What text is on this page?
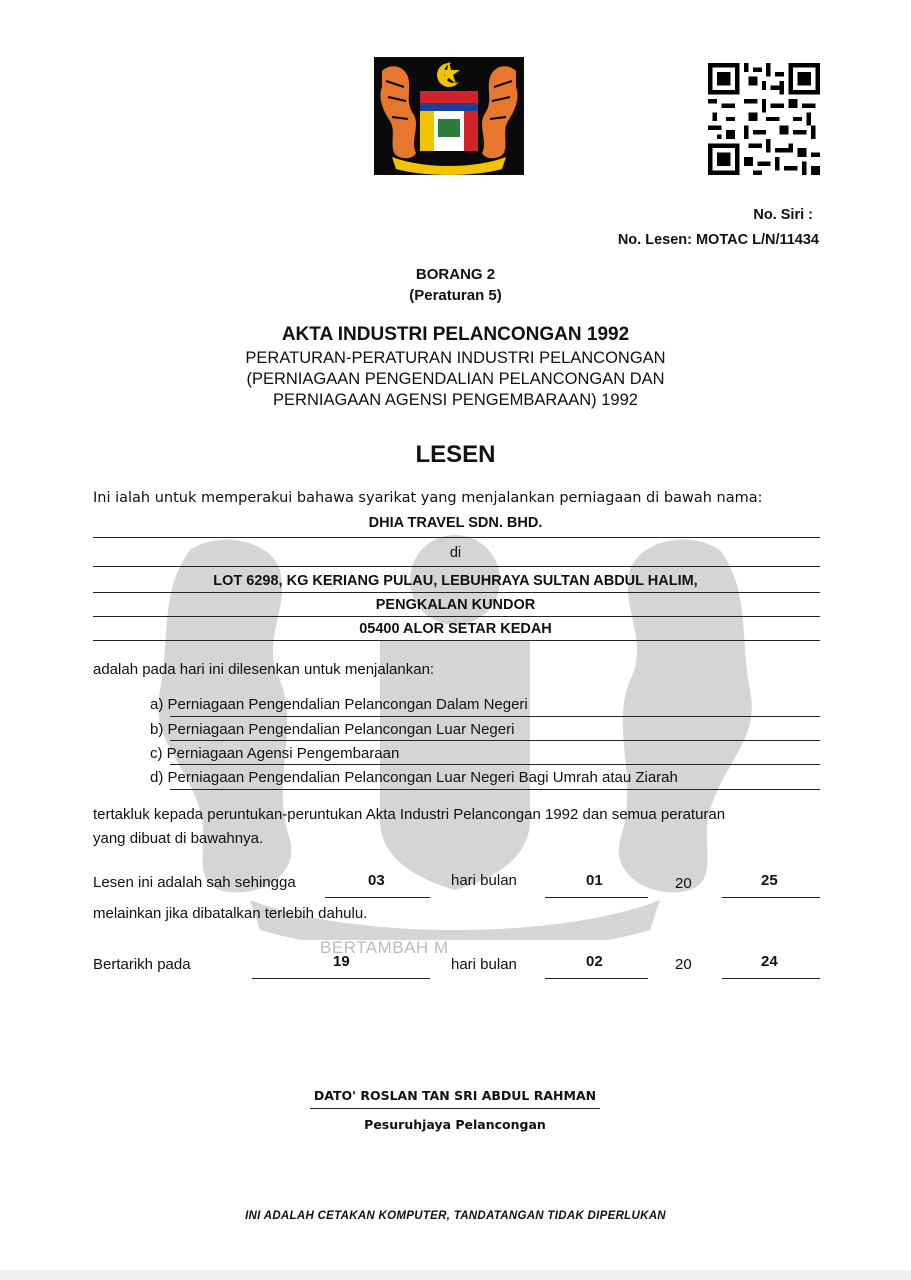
BERTAMBAH M
No. Siri :
No. Lesen: MOTAC L/N/11434
BORANG 2
(Peraturan 5)
AKTA INDUSTRI PELANCONGAN 1992
PERATURAN-PERATURAN INDUSTRI PELANCONGAN
(PERNIAGAAN PENGENDALIAN PELANCONGAN DAN
PERNIAGAAN AGENSI PENGEMBARAAN) 1992
LESEN
Ini ialah untuk memperakui bahawa syarikat yang menjalankan perniagaan di bawah nama:
DHIA TRAVEL SDN. BHD.
di
LOT 6298, KG KERIANG PULAU, LEBUHRAYA SULTAN ABDUL HALIM,
PENGKALAN KUNDOR
05400 ALOR SETAR KEDAH
adalah pada hari ini dilesenkan untuk menjalankan:
a) Perniagaan Pengendalian Pelancongan Dalam Negeri
b) Perniagaan Pengendalian Pelancongan Luar Negeri
c) Perniagaan Agensi Pengembaraan
d) Perniagaan Pengendalian Pelancongan Luar Negeri Bagi Umrah atau Ziarah
tertakluk kepada peruntukan-peruntukan Akta Industri Pelancongan 1992 dan semua peraturan
yang dibuat di bawahnya.
Lesen ini adalah sah sehingga	03	hari bulan	01	20	25
melainkan jika dibatalkan terlebih dahulu.
Bertarikh pada	19	hari bulan	02	20	24
DATO' ROSLAN TAN SRI ABDUL RAHMAN
Pesuruhjaya Pelancongan
INI ADALAH CETAKAN KOMPUTER, TANDATANGAN TIDAK DIPERLUKAN
